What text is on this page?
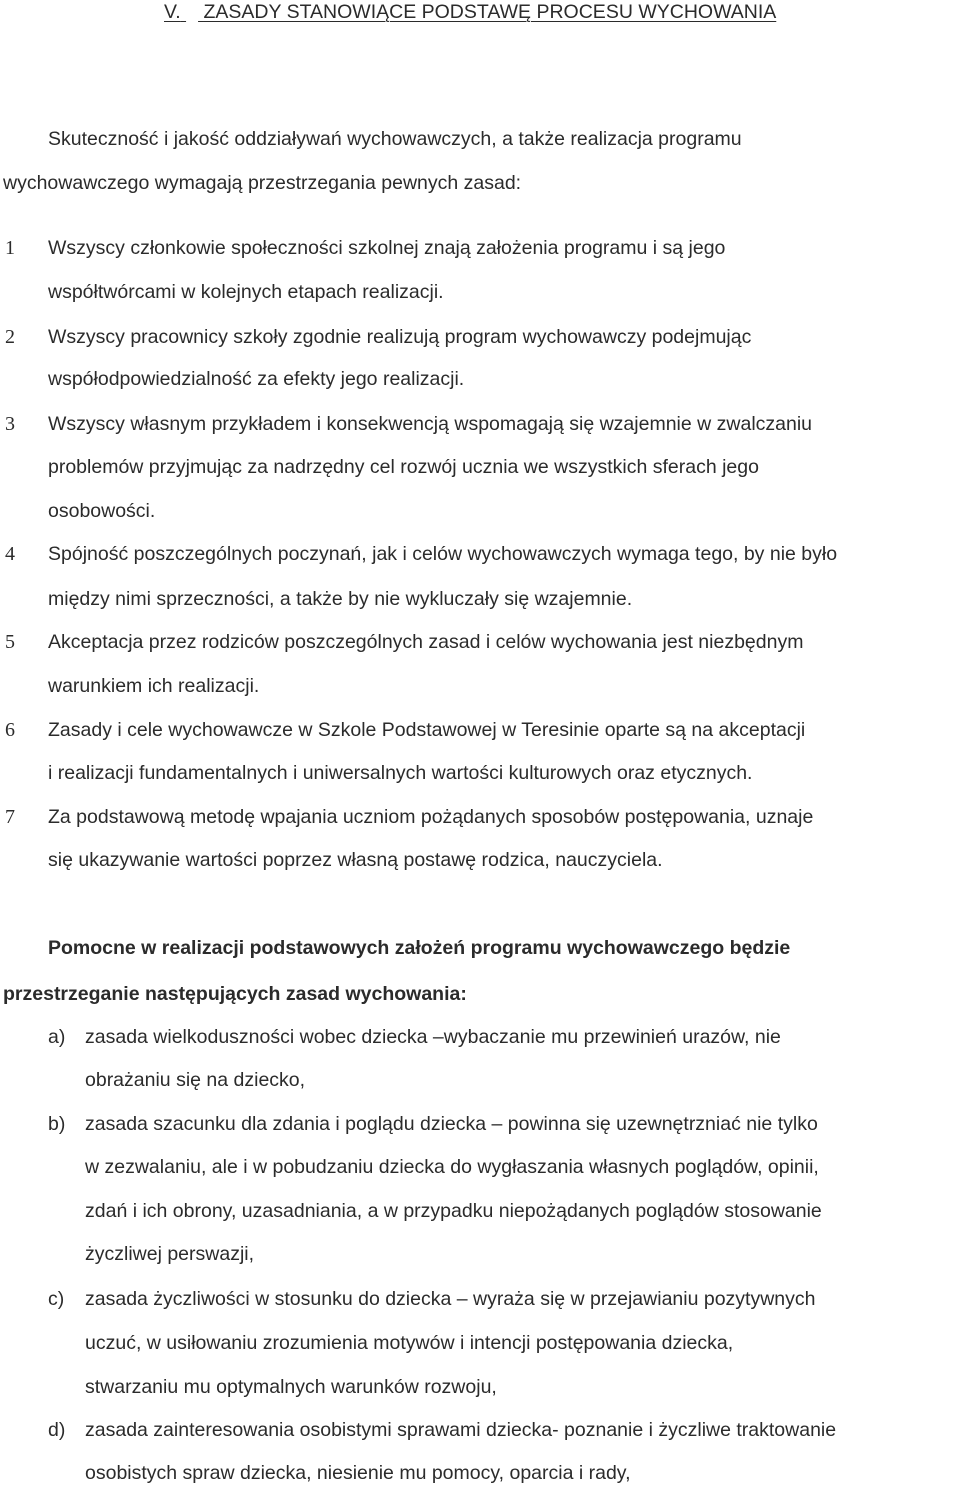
V. ZASADY STANOWIĄCE PODSTAWĘ PROCESU WYCHOWANIA
Skuteczność i jakość oddziaływań wychowawczych, a także realizacja programu
wychowawczego wymagają przestrzegania pewnych zasad:
1 Wszyscy członkowie społeczności szkolnej znają założenia programu i są jego
współtwórcami w kolejnych etapach realizacji.
2 Wszyscy pracownicy szkoły zgodnie realizują program wychowawczy podejmując
współodpowiedzialność za efekty jego realizacji.
3 Wszyscy własnym przykładem i konsekwencją wspomagają się wzajemnie w zwalczaniu
problemów przyjmując za nadrzędny cel rozwój ucznia we wszystkich sferach jego
osobowości.
4 Spójność poszczególnych poczynań, jak i celów wychowawczych wymaga tego, by nie było
między nimi sprzeczności, a także by nie wykluczały się wzajemnie.
5 Akceptacja przez rodziców poszczególnych zasad i celów wychowania jest niezbędnym
warunkiem ich realizacji.
6 Zasady i cele wychowawcze w Szkole Podstawowej w Teresinie oparte są na akceptacji
i realizacji fundamentalnych i uniwersalnych wartości kulturowych oraz etycznych.
7 Za podstawową metodę wpajania uczniom pożądanych sposobów postępowania, uznaje
się ukazywanie wartości poprzez własną postawę rodzica, nauczyciela.
Pomocne w realizacji podstawowych założeń programu wychowawczego będzie
przestrzeganie następujących zasad wychowania:
a) zasada wielkoduszności wobec dziecka –wybaczanie mu przewinień urazów, nie
obrażaniu się na dziecko,
b) zasada szacunku dla zdania i poglądu dziecka – powinna się uzewnętrzniać nie tylko
w zezwalaniu, ale i w pobudzaniu dziecka do wygłaszania własnych poglądów, opinii,
zdań i ich obrony, uzasadniania, a w przypadku niepożądanych poglądów stosowanie
życzliwej perswazji,
c) zasada życzliwości w stosunku do dziecka – wyraża się w przejawianiu pozytywnych
uczuć, w usiłowaniu zrozumienia motywów i intencji postępowania dziecka,
stwarzaniu mu optymalnych warunków rozwoju,
d) zasada zainteresowania osobistymi sprawami dziecka- poznanie i życzliwe traktowanie
osobistych spraw dziecka, niesienie mu pomocy, oparcia i rady,
